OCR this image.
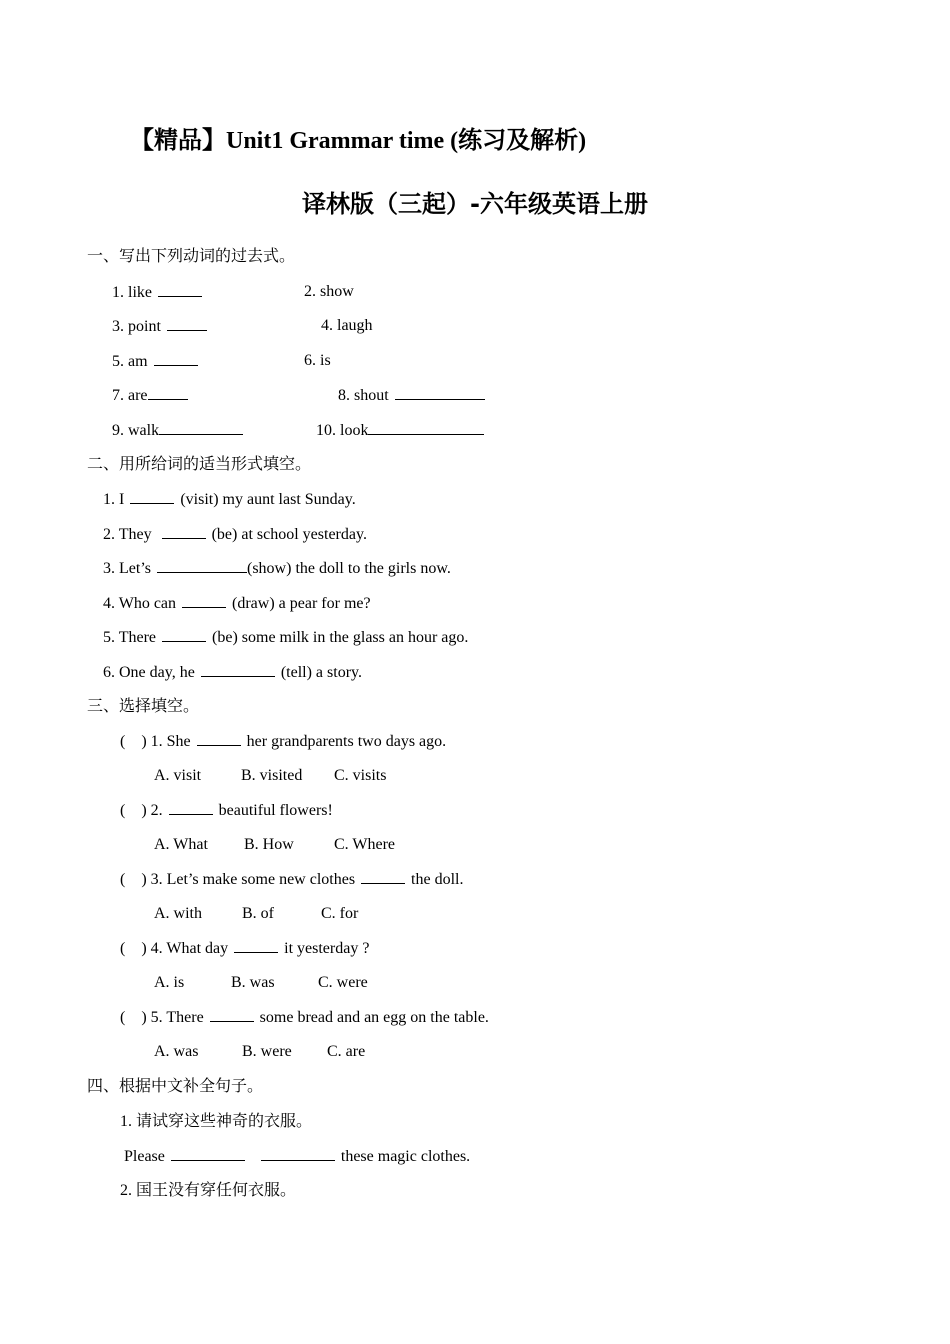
【精品】Unit1 Grammar time (练习及解析)
译林版（三起）-六年级英语上册
一、写出下列动词的过去式。
1. like	2. show
3. point	4. laugh
5. am	6. is
7. are	8. shout
9. walk	10. look
二、用所给词的适当形式填空。
1. I	(visit) my aunt last Sunday.
2. They	(be) at school yesterday.
3. Let’s	(show) the doll to the girls now.
4. Who can	(draw) a pear for me?
5. There	(be) some milk in the glass an hour ago.
6. One day, he	(tell) a story.
三、选择填空。
(    ) 1. She	her grandparents two days ago.
A. visit B. visited C. visits
(    ) 2.	beautiful flowers!
A. What B. How	C. Where
(    ) 3. Let’s make some new clothes	the doll.
A. with	B. of	C. for
(    ) 4. What day	it yesterday ?
A. is	B. was	C. were
(    ) 5. There	some bread and an egg on the table.
A. was	B. were C. are
四、根据中文补全句子。
1. 请试穿这些神奇的衣服。
Please	these magic clothes.
2. 国王没有穿任何衣服。
